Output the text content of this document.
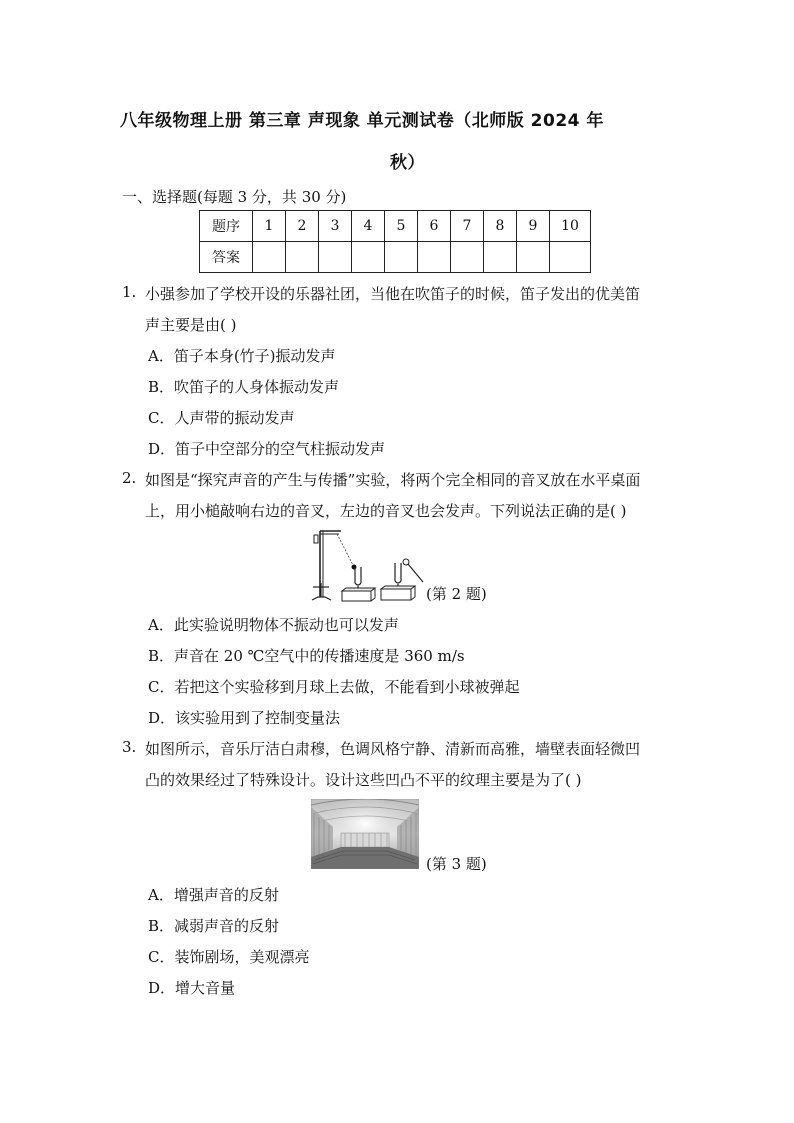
八年级物理上册 第三章 声现象 单元测试卷（北师版 2024 年
秋）
一、选择题(每题 3 分，共 30 分)
题序	1	2	3	4	5	6	7	8	9	10
答案										
1. 小强参加了学校开设的乐器社团，当他在吹笛子的时候，笛子发出的优美笛
声主要是由( )
A．笛子本身(竹子)振动发声
B．吹笛子的人身体振动发声
C．人声带的振动发声
D．笛子中空部分的空气柱振动发声
2. 如图是“探究声音的产生与传播”实验，将两个完全相同的音叉放在水平桌面
上，用小槌敲响右边的音叉，左边的音叉也会发声。下列说法正确的是( )
(第 2 题)
A．此实验说明物体不振动也可以发声
B．声音在 20 ℃空气中的传播速度是 360 m/s
C．若把这个实验移到月球上去做，不能看到小球被弹起
D．该实验用到了控制变量法
3. 如图所示，音乐厅洁白肃穆，色调风格宁静、清新而高雅，墙壁表面轻微凹
凸的效果经过了特殊设计。设计这些凹凸不平的纹理主要是为了( )
(第 3 题)
A．增强声音的反射
B．减弱声音的反射
C．装饰剧场，美观漂亮
D．增大音量
